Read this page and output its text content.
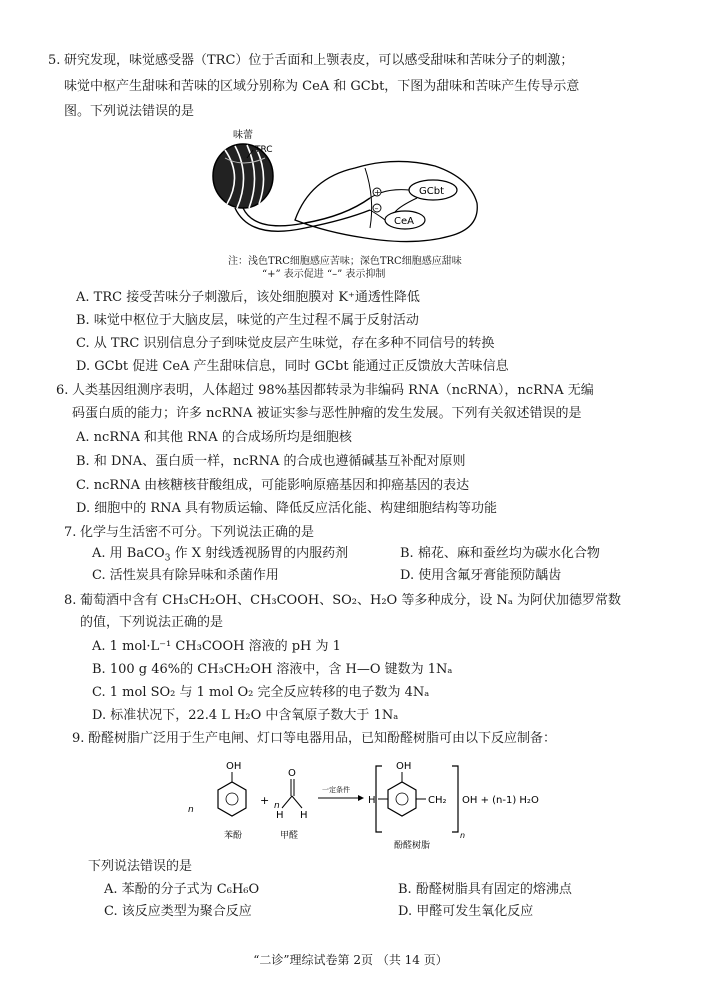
5. 研究发现，味觉感受器（TRC）位于舌面和上颚表皮，可以感受甜味和苦味分子的刺激；
味觉中枢产生甜味和苦味的区域分别称为 CeA 和 GCbt，下图为甜味和苦味产生传导示意
图。下列说法错误的是
味蕾
TRC
GCbt
CeA
+
–
注：浅色TRC细胞感应苦味；深色TRC细胞感应甜味
“+” 表示促进 “–” 表示抑制
A. TRC 接受苦味分子刺激后，该处细胞膜对 K⁺通透性降低
B. 味觉中枢位于大脑皮层，味觉的产生过程不属于反射活动
C. 从 TRC 识别信息分子到味觉皮层产生味觉，存在多种不同信号的转换
D. GCbt 促进 CeA 产生甜味信息，同时 GCbt 能通过正反馈放大苦味信息
6. 人类基因组测序表明，人体超过 98%基因都转录为非编码 RNA（ncRNA），ncRNA 无编
码蛋白质的能力；许多 ncRNA 被证实参与恶性肿瘤的发生发展。下列有关叙述错误的是
A. ncRNA 和其他 RNA 的合成场所均是细胞核
B. 和 DNA、蛋白质一样，ncRNA 的合成也遵循碱基互补配对原则
C. ncRNA 由核糖核苷酸组成，可能影响原癌基因和抑癌基因的表达
D. 细胞中的 RNA 具有物质运输、降低反应活化能、构建细胞结构等功能
7. 化学与生活密不可分。下列说法正确的是
A. 用 BaCO$_3$ 作 X 射线透视肠胃的内服药剂	B. 棉花、麻和蚕丝均为碳水化合物
C. 活性炭具有除异味和杀菌作用	D. 使用含氟牙膏能预防龋齿
8. 葡萄酒中含有 CH₃CH₂OH、CH₃COOH、SO₂、H₂O 等多种成分，设 Nₐ 为阿伏加德罗常数
的值，下列说法正确的是
A. 1 mol·L⁻¹ CH₃COOH 溶液的 pH 为 1
B. 100 g 46%的 CH₃CH₂OH 溶液中，含 H—O 键数为 1Nₐ
C. 1 mol SO₂ 与 1 mol O₂ 完全反应转移的电子数为 4Nₐ
D. 标准状况下，22.4 L H₂O 中含氧原子数大于 1Nₐ
9. 酚醛树脂广泛用于生产电闸、灯口等电器用品，已知酚醛树脂可由以下反应制备：
n
OH
苯酚
+ n
O
H H
甲醛
一定条件
H
OH
CH₂
n
OH + (n-1) H₂O
酚醛树脂
下列说法错误的是
A. 苯酚的分子式为 C₆H₆O	B. 酚醛树脂具有固定的熔沸点
C. 该反应类型为聚合反应	D. 甲醛可发生氧化反应
“二诊”理综试卷第 2页 （共 14 页）
